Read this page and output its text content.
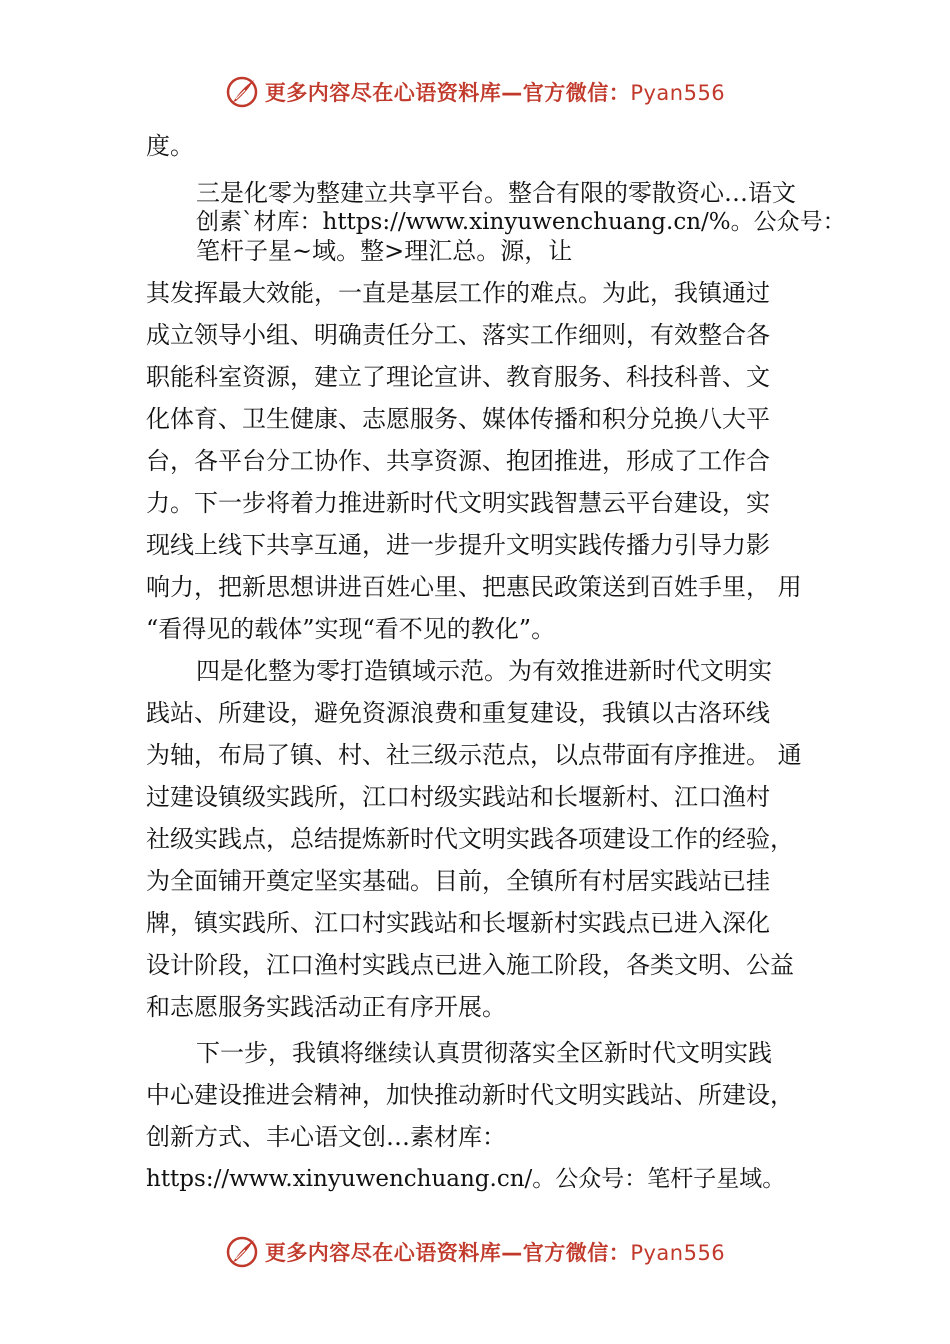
更多内容尽在心语资料库—官方微信：Pyan556
度。
三是化零为整建立共享平台。整合有限的零散资心…语文
创素`材库：https://www.xinyuwenchuang.cn/%。公众号：
笔杆子星~域。整>理汇总。源，让
其发挥最大效能，一直是基层工作的难点。为此，我镇通过
成立领导小组、明确责任分工、落实工作细则，有效整合各
职能科室资源，建立了理论宣讲、教育服务、科技科普、文
化体育、卫生健康、志愿服务、媒体传播和积分兑换八大平
台，各平台分工协作、共享资源、抱团推进，形成了工作合
力。下一步将着力推进新时代文明实践智慧云平台建设，实
现线上线下共享互通，进一步提升文明实践传播力引导力影
响力，把新思想讲进百姓心里、把惠民政策送到百姓手里， 用
“看得见的载体”实现“看不见的教化”。
四是化整为零打造镇域示范。为有效推进新时代文明实
践站、所建设，避免资源浪费和重复建设，我镇以古洛环线
为轴，布局了镇、村、社三级示范点，以点带面有序推进。 通
过建设镇级实践所，江口村级实践站和长堰新村、江口渔村
社级实践点，总结提炼新时代文明实践各项建设工作的经验，
为全面铺开奠定坚实基础。目前，全镇所有村居实践站已挂
牌，镇实践所、江口村实践站和长堰新村实践点已进入深化
设计阶段，江口渔村实践点已进入施工阶段，各类文明、公益
和志愿服务实践活动正有序开展。
下一步，我镇将继续认真贯彻落实全区新时代文明实践
中心建设推进会精神，加快推动新时代文明实践站、所建设，
创新方式、丰心语文创…素材库：
https://www.xinyuwenchuang.cn/。公众号：笔杆子星域。
更多内容尽在心语资料库—官方微信：Pyan556
